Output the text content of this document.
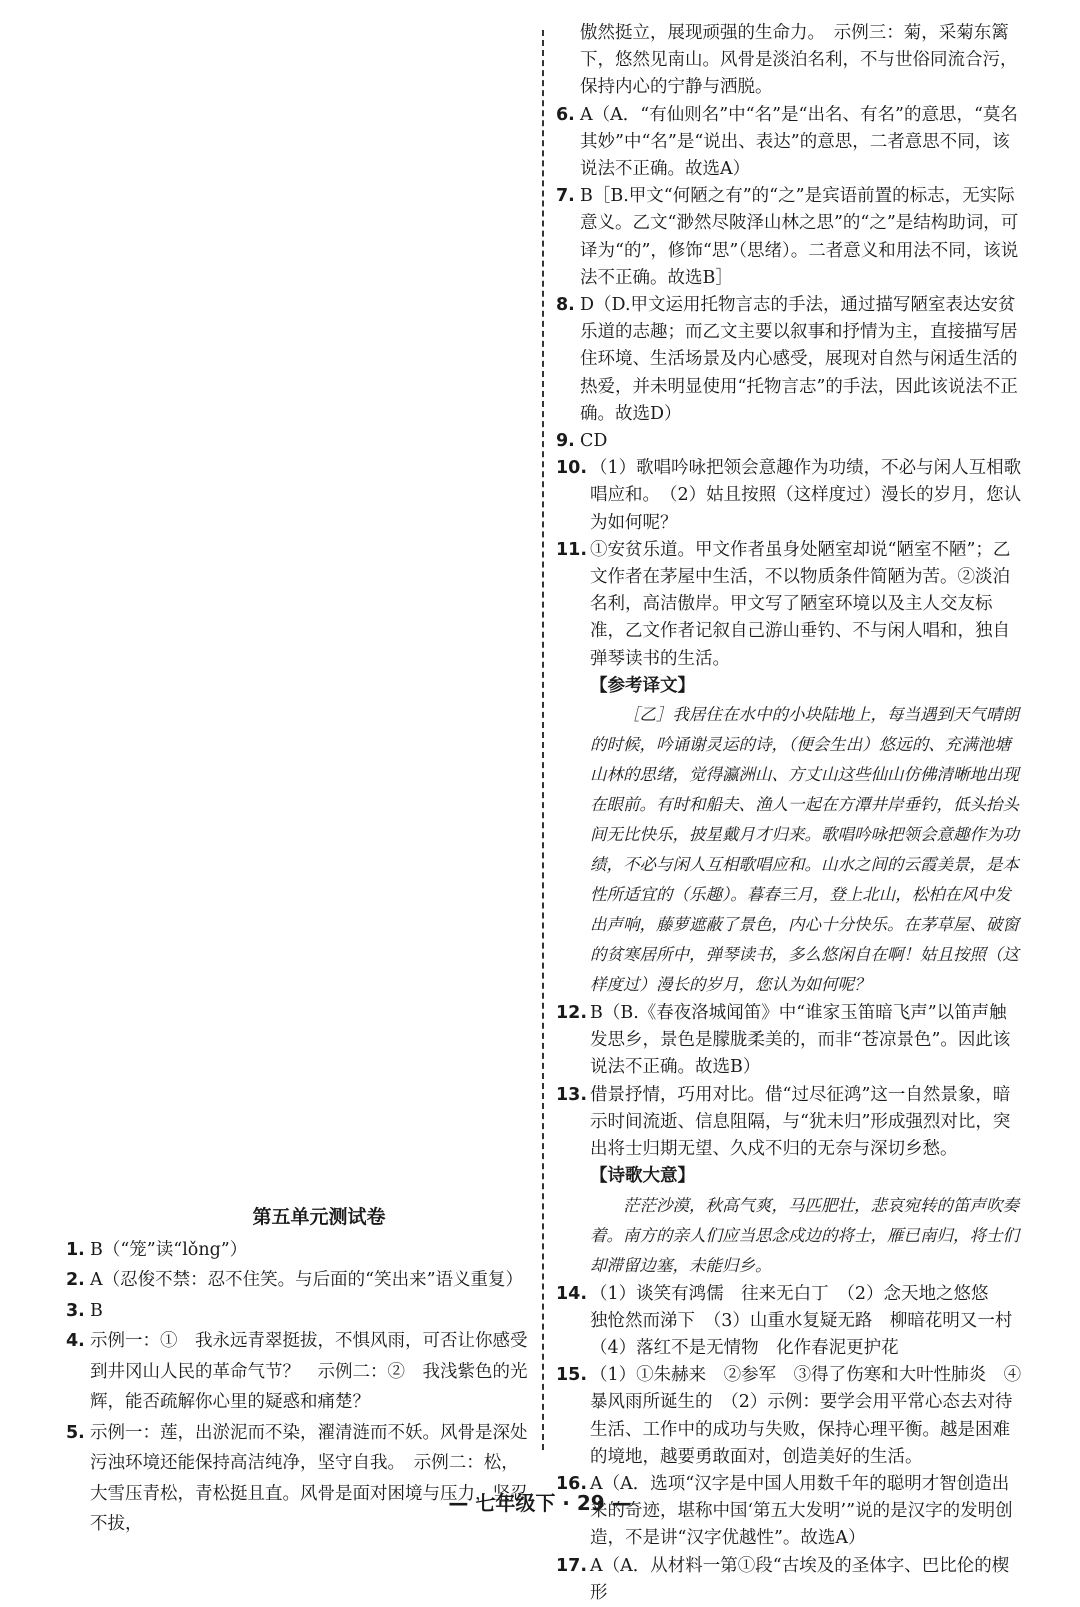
傲然挺立，展现顽强的生命力。　示例三：菊，采菊东篱下，悠然见南山。风骨是淡泊名利，不与世俗同流合污，保持内心的宁静与洒脱。
6. A（A．“有仙则名”中“名”是“出名、有名”的意思，“莫名其妙”中“名”是“说出、表达”的意思，二者意思不同，该说法不正确。故选A）
7. B［B.甲文“何陋之有”的“之”是宾语前置的标志，无实际意义。乙文“渺然尽陂泽山林之思”的“之”是结构助词，可译为“的”，修饰“思”（思绪）。二者意义和用法不同，该说法不正确。故选B］
8. D（D.甲文运用托物言志的手法，通过描写陋室表达安贫乐道的志趣；而乙文主要以叙事和抒情为主，直接描写居住环境、生活场景及内心感受，展现对自然与闲适生活的热爱，并未明显使用“托物言志”的手法，因此该说法不正确。故选D）
9. CD
10. （1）歌唱吟咏把领会意趣作为功绩，不必与闲人互相歌唱应和。　（2）姑且按照（这样度过）漫长的岁月，您认为如何呢？
11. ①安贫乐道。甲文作者虽身处陋室却说“陋室不陋”；乙文作者在茅屋中生活，不以物质条件简陋为苦。②淡泊名利，高洁傲岸。甲文写了陋室环境以及主人交友标准，乙文作者记叙自己游山垂钓、不与闲人唱和，独自弹琴读书的生活。
【参考译文】
［乙］我居住在水中的小块陆地上，每当遇到天气晴朗的时候，吟诵谢灵运的诗，（便会生出）悠远的、充满池塘山林的思绪，觉得瀛洲山、方丈山这些仙山仿佛清晰地出现在眼前。有时和船夫、渔人一起在方潭井岸垂钓，低头抬头间无比快乐，披星戴月才归来。歌唱吟咏把领会意趣作为功绩，不必与闲人互相歌唱应和。山水之间的云霞美景，是本性所适宜的（乐趣）。暮春三月，登上北山，松柏在风中发出声响，藤萝遮蔽了景色，内心十分快乐。在茅草屋、破窗的贫寒居所中，弹琴读书，多么悠闲自在啊！姑且按照（这样度过）漫长的岁月，您认为如何呢？
12. B（B.《春夜洛城闻笛》中“谁家玉笛暗飞声”以笛声触发思乡，景色是朦胧柔美的，而非“苍凉景色”。因此该说法不正确。故选B）
13. 借景抒情，巧用对比。借“过尽征鸿”这一自然景象，暗示时间流逝、信息阻隔，与“犹未归”形成强烈对比，突出将士归期无望、久戍不归的无奈与深切乡愁。
【诗歌大意】
茫茫沙漠，秋高气爽，马匹肥壮，悲哀宛转的笛声吹奏着。南方的亲人们应当思念戍边的将士，雁已南归，将士们却滞留边塞，未能归乡。
14. （1）谈笑有鸿儒　往来无白丁　（2）念天地之悠悠　独怆然而涕下　（3）山重水复疑无路　柳暗花明又一村　（4）落红不是无情物　化作春泥更护花
15. （1）①朱赫来　②参军　③得了伤寒和大叶性肺炎　④暴风雨所诞生的　（2）示例：要学会用平常心态去对待生活、工作中的成功与失败，保持心理平衡。越是困难的境地，越要勇敢面对，创造美好的生活。
16. A（A．选项“汉字是中国人用数千年的聪明才智创造出来的奇迹，堪称中国‘第五大发明’”说的是汉字的发明创造，不是讲“汉字优越性”。故选A）
17. A（A．从材料一第①段“古埃及的圣体字、巴比伦的楔形
第五单元测试卷
1. B（“笼”读“lǒng”）
2. A（忍俊不禁：忍不住笑。与后面的“笑出来”语义重复）
3. B
4. 示例一：①　我永远青翠挺拔，不惧风雨，可否让你感受到井冈山人民的革命气节？　示例二：②　我浅紫色的光辉，能否疏解你心里的疑惑和痛楚？
5. 示例一：莲，出淤泥而不染，濯清涟而不妖。风骨是深处污浊环境还能保持高洁纯净，坚守自我。　示例二：松，大雪压青松，青松挺且直。风骨是面对困境与压力，坚忍不拔，
— 七年级下 · 29 —
